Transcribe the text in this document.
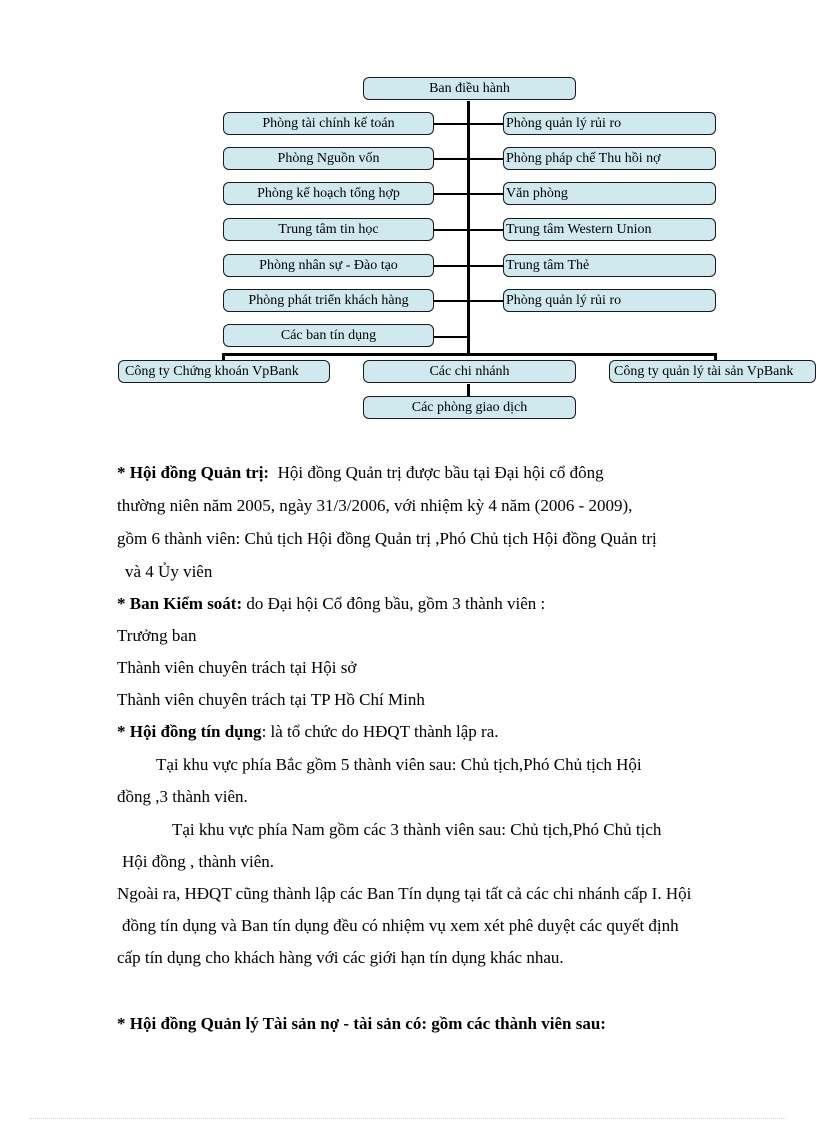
Ban điều hành
Phòng tài chính kế toán
Phòng Nguồn vốn
Phòng kế hoạch tổng hợp
Trung tâm tin học
Phòng nhân sự - Đào tạo
Phòng phát triển khách hàng
Các ban tín dụng
Phòng quản lý rủi ro
Phòng pháp chế Thu hồi nợ
Văn phòng
Trung tâm Western Union
Trung tâm Thẻ
Phòng quản lý rủi ro
Công ty Chứng khoán VpBank	Các chi nhánh	Công ty quản lý tài sản VpBank
Các phòng giao dịch
* Hội đồng Quản trị: Hội đồng Quản trị được bầu tại Đại hội cổ đông
thường niên năm 2005, ngày 31/3/2006, với nhiệm kỳ 4 năm (2006 - 2009),
gồm 6 thành viên: Chủ tịch Hội đồng Quản trị ,Phó Chủ tịch Hội đồng Quản trị
và 4 Ủy viên
* Ban Kiểm soát: do Đại hội Cổ đông bầu, gồm 3 thành viên :
Trưởng ban
Thành viên chuyên trách tại Hội sở
Thành viên chuyên trách tại TP Hồ Chí Minh
* Hội đồng tín dụng: là tổ chức do HĐQT thành lập ra.
Tại khu vực phía Bắc gồm 5 thành viên sau: Chủ tịch,Phó Chủ tịch Hội
đồng ,3 thành viên.
Tại khu vực phía Nam gồm các 3 thành viên sau: Chủ tịch,Phó Chủ tịch
Hội đồng , thành viên.
Ngoài ra, HĐQT cũng thành lập các Ban Tín dụng tại tất cả các chi nhánh cấp I. Hội
đồng tín dụng và Ban tín dụng đều có nhiệm vụ xem xét phê duyệt các quyết định
cấp tín dụng cho khách hàng với các giới hạn tín dụng khác nhau.
* Hội đồng Quản lý Tài sản nợ - tài sản có: gồm các thành viên sau:
